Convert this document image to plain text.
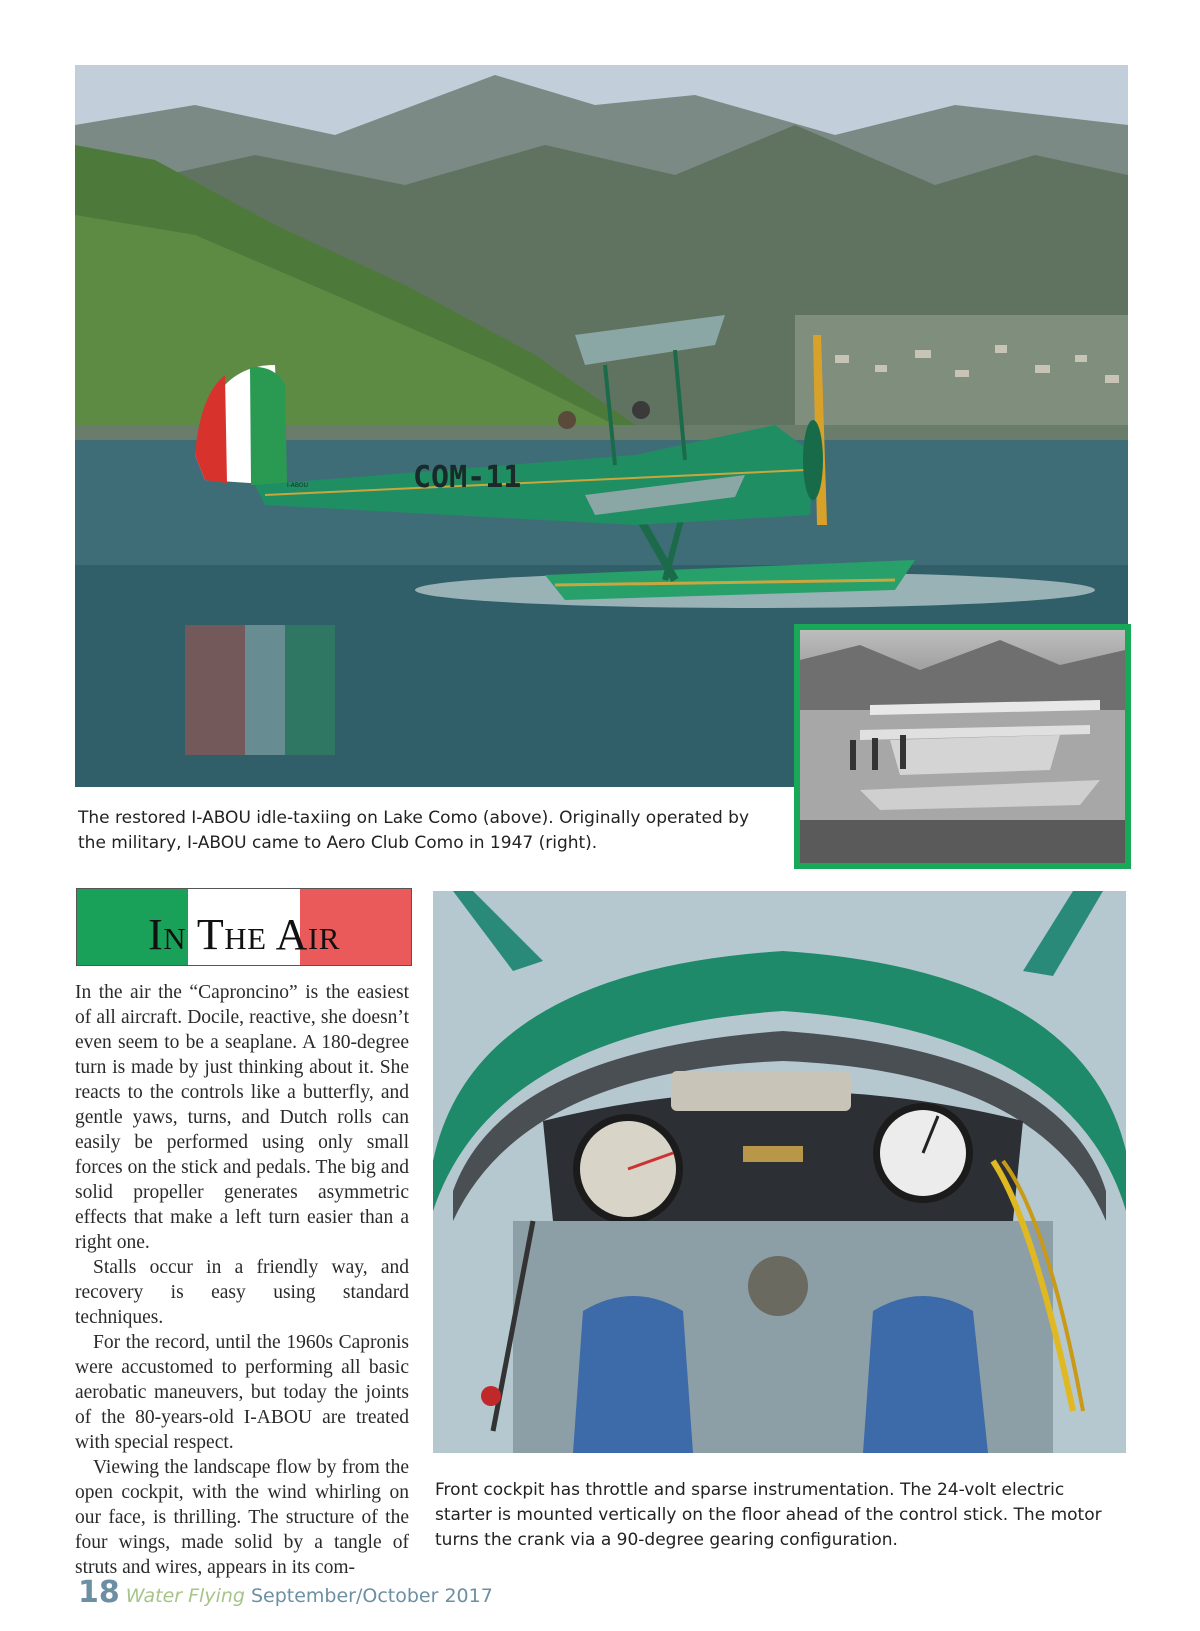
COM-11
I-ABOU
The restored I-ABOU idle-taxiing on Lake Como (above). Originally operated by the military, I-ABOU came to Aero Club Como in 1947 (right).
In The Air

In the air the “Caproncino” is the easiest of all aircraft. Docile, reactive, she doesn’t even seem to be a seaplane. A 180-degree turn is made by just thinking about it. She reacts to the controls like a butterfly, and gentle yaws, turns, and Dutch rolls can easily be performed using only small forces on the stick and pedals. The big and solid propeller generates asymmetric effects that make a left turn easier than a right one.

Stalls occur in a friendly way, and recovery is easy using standard techniques.

For the record, until the 1960s Capronis were accustomed to performing all basic aerobatic maneuvers, but today the joints of the 80-years-old I-ABOU are treated with special respect.

Viewing the landscape flow by from the open cockpit, with the wind whirling on our face, is thrilling. The structure of the four wings, made solid by a tangle of struts and wires, appears in its com-

Front cockpit has throttle and sparse instrumentation. The 24-volt electric starter is mounted vertically on the floor ahead of the control stick. The motor turns the crank via a 90-degree gearing configuration.
18 Water Flying September/October 2017
